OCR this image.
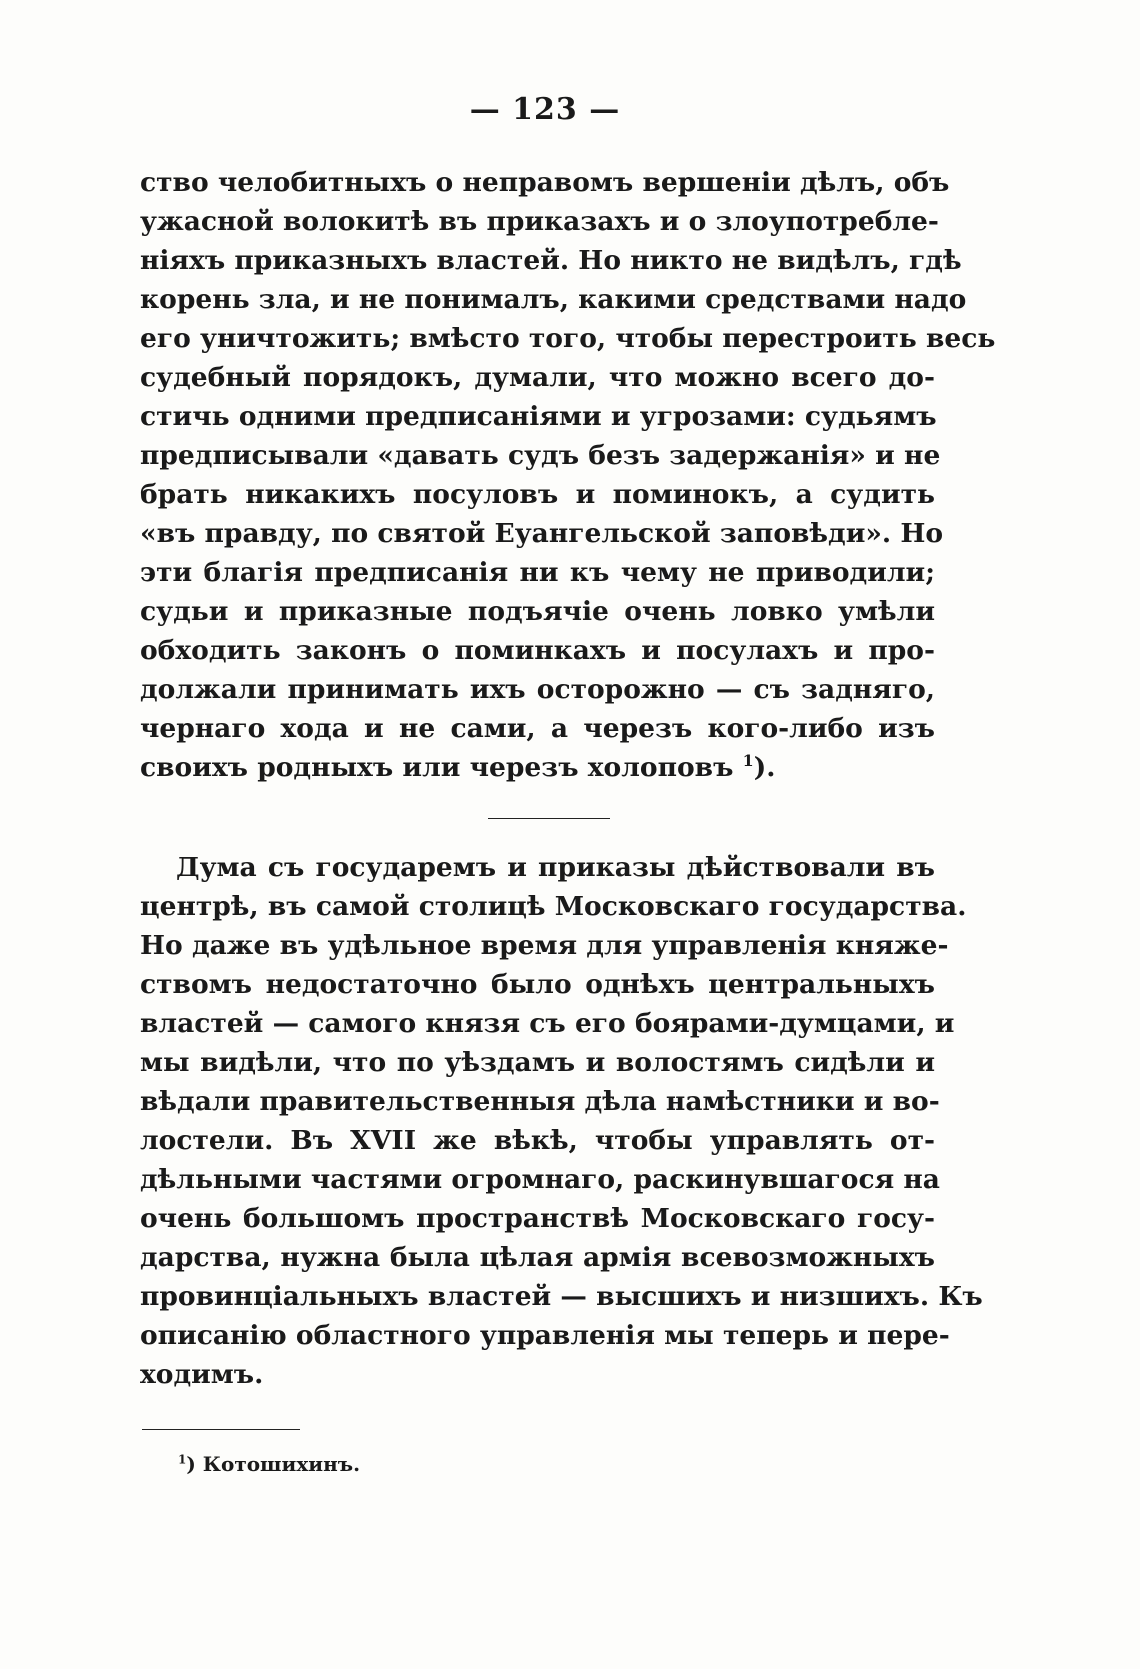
— 123 —
ство челобитныхъ о неправомъ вершеніи дѣлъ, объ
ужасной волокитѣ въ приказахъ и о злоупотребле-
ніяхъ приказныхъ властей. Но никто не видѣлъ, гдѣ
корень зла, и не понималъ, какими средствами надо
его уничтожить; вмѣсто того, чтобы перестроить весь
судебный порядокъ, думали, что можно всего до-
стичь одними предписаніями и угрозами: судьямъ
предписывали «давать судъ безъ задержанія» и не
брать никакихъ посуловъ и поминокъ, а судить
«въ правду, по святой Еуангельской заповѣди». Но
эти благія предписанія ни къ чему не приводили;
судьи и приказные подъячіе очень ловко умѣли
обходить законъ о поминкахъ и посулахъ и про-
должали принимать ихъ осторожно — съ задняго,
чернаго хода и не сами, а черезъ кого-либо изъ
своихъ родныхъ или черезъ холоповъ $^1$).
Дума съ государемъ и приказы дѣйствовали въ
центрѣ, въ самой столицѣ Московскаго государства.
Но даже въ удѣльное время для управленія княже-
ствомъ недостаточно было однѣхъ центральныхъ
властей — самого князя съ его боярами-думцами, и
мы видѣли, что по уѣздамъ и волостямъ сидѣли и
вѣдали правительственныя дѣла намѣстники и во-
лостели. Въ XVII же вѣкѣ, чтобы управлять от-
дѣльными частями огромнаго, раскинувшагося на
очень большомъ пространствѣ Московскаго госу-
дарства, нужна была цѣлая армія всевозможныхъ
провинціальныхъ властей — высшихъ и низшихъ. Къ
описанію областного управленія мы теперь и пере-
ходимъ.
$^1$) Котошихинъ.
